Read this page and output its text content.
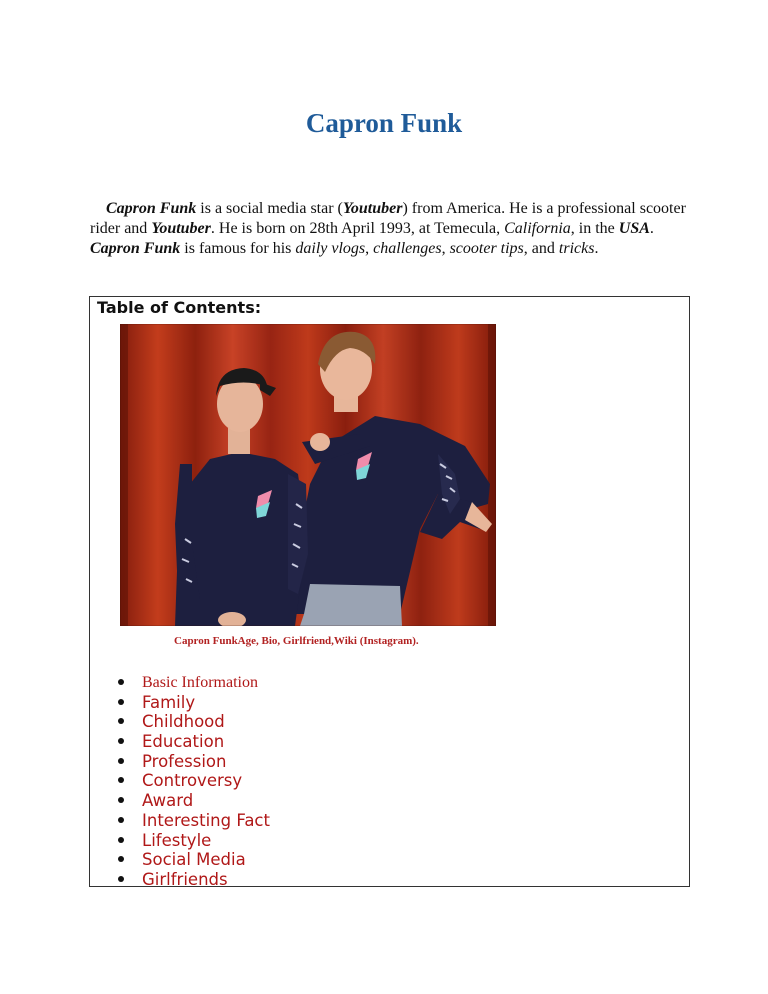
Capron Funk

Capron Funk is a social media star (Youtuber) from America. He is a professional scooter rider and Youtuber. He is born on 28th April 1993, at Temecula, California, in the USA. Capron Funk is famous for his daily vlogs, challenges, scooter tips, and tricks.

Table of Contents:
Capron FunkAge, Bio, Girlfriend,Wiki (Instagram).
Basic Information
Family
Childhood
Education
Profession
Controversy
Award
Interesting Fact
Lifestyle
Social Media
Girlfriends
